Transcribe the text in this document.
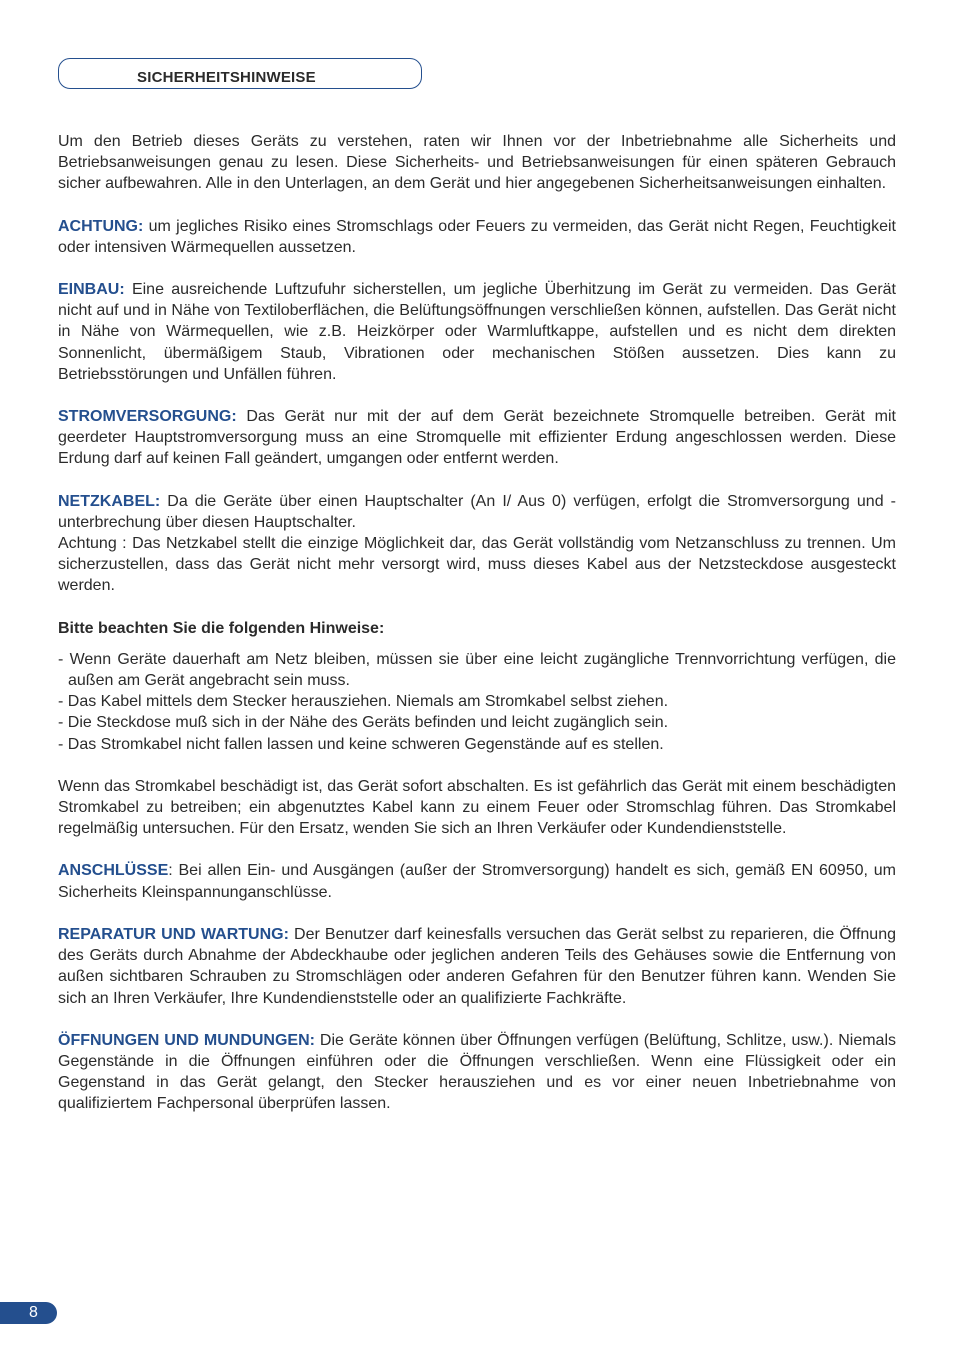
SICHERHEITSHINWEISE

Um den Betrieb dieses Geräts zu verstehen, raten wir Ihnen vor der Inbetriebnahme alle Sicherheits und Betriebsanweisungen genau zu lesen. Diese Sicherheits- und Betriebsanweisungen für einen späteren Gebrauch sicher aufbewahren. Alle in den Unterlagen, an dem Gerät und hier angegebenen Sicherheitsanweisungen einhalten.

ACHTUNG: um jegliches Risiko eines Stromschlags oder Feuers zu vermeiden, das Gerät nicht Regen, Feuchtigkeit oder intensiven Wärmequellen aussetzen.

EINBAU: Eine ausreichende Luftzufuhr sicherstellen, um jegliche Überhitzung im Gerät zu vermeiden. Das Gerät nicht auf und in Nähe von Textiloberflächen, die Belüftungsöffnungen verschließen können, aufstellen. Das Gerät nicht in Nähe von Wärmequellen, wie z.B. Heizkörper oder Warmluftkappe, aufstellen und es nicht dem direkten Sonnenlicht, übermäßigem Staub, Vibrationen oder mechanischen Stößen aussetzen. Dies kann zu Betriebsstörungen und Unfällen führen.

STROMVERSORGUNG: Das Gerät nur mit der auf dem Gerät bezeichnete Stromquelle betreiben. Gerät mit geerdeter Hauptstromversorgung muss an eine Stromquelle mit effizienter Erdung angeschlossen werden. Diese Erdung darf auf keinen Fall geändert, umgangen oder entfernt werden.

NETZKABEL: Da die Geräte über einen Hauptschalter (An I/ Aus 0) verfügen, erfolgt die Stromversorgung und -unterbrechung über diesen Hauptschalter.

Achtung : Das Netzkabel stellt die einzige Möglichkeit dar, das Gerät vollständig vom Netzanschluss zu trennen. Um sicherzustellen, dass das Gerät nicht mehr versorgt wird, muss dieses Kabel aus der Netzsteckdose ausgesteckt werden.

Bitte beachten Sie die folgenden Hinweise:

- Wenn Geräte dauerhaft am Netz bleiben, müssen sie über eine leicht zugängliche Trennvorrichtung verfügen, die außen am Gerät angebracht sein muss.
- Das Kabel mittels dem Stecker herausziehen. Niemals am Stromkabel selbst ziehen.
- Die Steckdose muß sich in der Nähe des Geräts befinden und leicht zugänglich sein.
- Das Stromkabel nicht fallen lassen und keine schweren Gegenstände auf es stellen.

Wenn das Stromkabel beschädigt ist, das Gerät sofort abschalten. Es ist gefährlich das Gerät mit einem beschädigten Stromkabel zu betreiben; ein abgenutztes Kabel kann zu einem Feuer oder Stromschlag führen. Das Stromkabel regelmäßig untersuchen. Für den Ersatz, wenden Sie sich an Ihren Verkäufer oder Kundendienststelle.

ANSCHLÜSSE: Bei allen Ein- und Ausgängen (außer der Stromversorgung) handelt es sich, gemäß EN 60950, um Sicherheits Kleinspannunganschlüsse.

REPARATUR UND WARTUNG: Der Benutzer darf keinesfalls versuchen das Gerät selbst zu reparieren, die Öffnung des Geräts durch Abnahme der Abdeckhaube oder jeglichen anderen Teils des Gehäuses sowie die Entfernung von außen sichtbaren Schrauben zu Stromschlägen oder anderen Gefahren für den Benutzer führen kann. Wenden Sie sich an Ihren Verkäufer, Ihre Kundendienststelle oder an qualifizierte Fachkräfte.

ÖFFNUNGEN UND MUNDUNGEN: Die Geräte können über Öffnungen verfügen (Belüftung, Schlitze, usw.). Niemals Gegenstände in die Öffnungen einführen oder die Öffnungen verschließen. Wenn eine Flüssigkeit oder ein Gegenstand in das Gerät gelangt, den Stecker herausziehen und es vor einer neuen Inbetriebnahme von qualifiziertem Fachpersonal überprüfen lassen.

8
